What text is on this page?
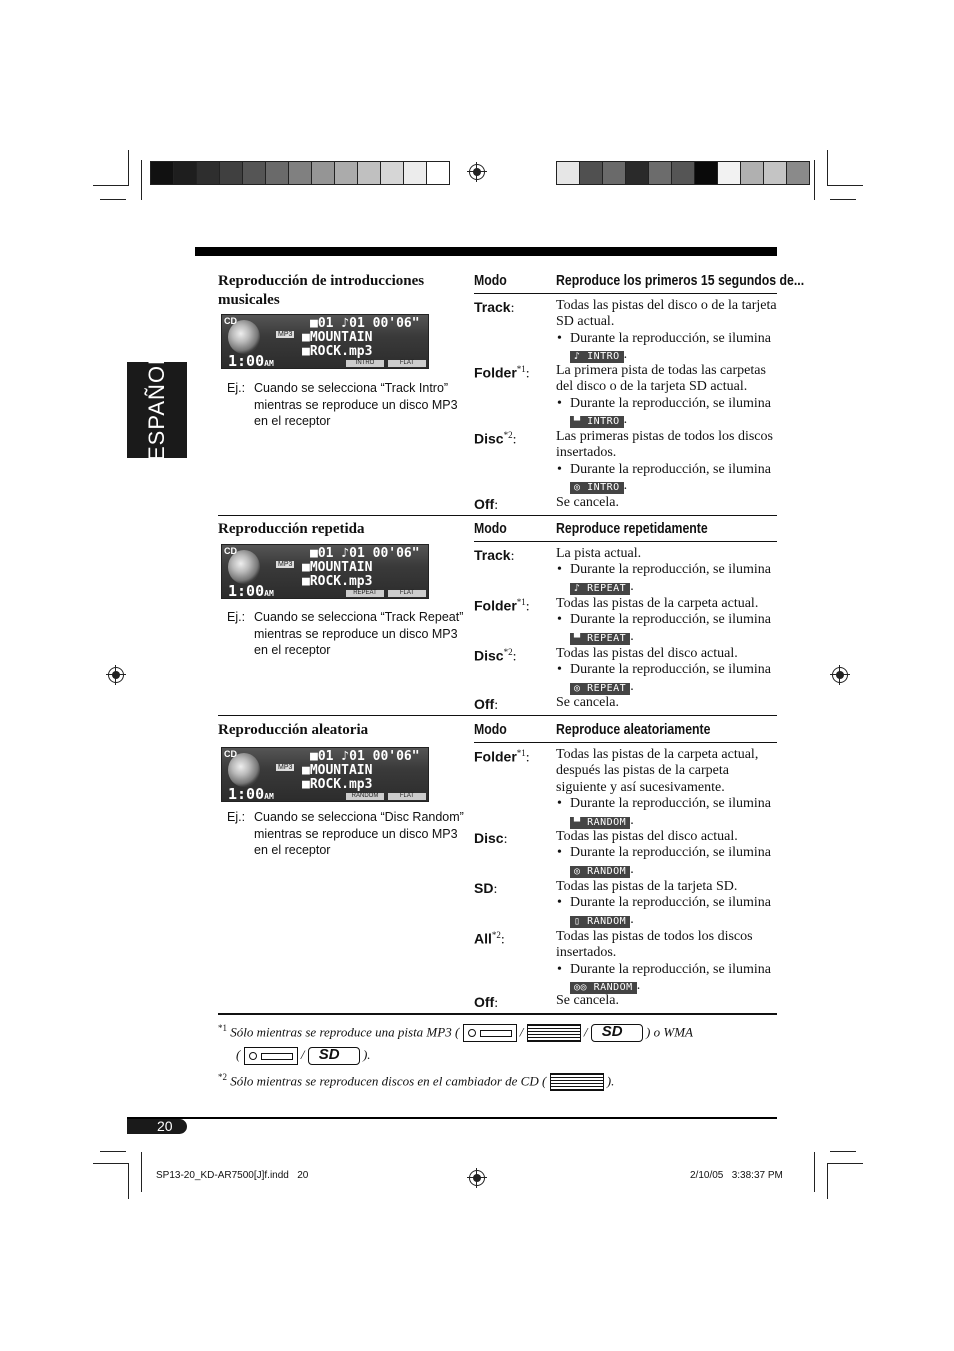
ESPAÑOL
Reproducción de introducciones musicales
Modo	Reproduce los primeros 15 segundos de...
CD
MP3
■01 ♪01 00'06"
■MOUNTAIN
■ROCK.mp3
1:00AM	INTRO	FLAT
Ej.: Cuando se selecciona “Track Intro” mientras se reproduce un disco MP3 en el receptor
Track:	Todas las pistas del disco o de la tarjeta SD actual.
• Durante la reproducción, se ilumina ♪ INTRO .
Folder$^{*1}$: La primera pista de todas las carpetas del disco o de la tarjeta SD actual.
• Durante la reproducción, se ilumina ▀ INTRO .
Disc$^{*2}$:	Las primeras pistas de todos los discos insertados.
• Durante la reproducción, se ilumina ◎ INTRO .
Off:	Se cancela.
Reproducción repetida	Modo	Reproduce repetidamente
CD
MP3
■01 ♪01 00'06"
■MOUNTAIN
■ROCK.mp3
1:00AM	REPEAT	FLAT
Ej.: Cuando se selecciona “Track Repeat” mientras se reproduce un disco MP3 en el receptor
Track:	La pista actual.
• Durante la reproducción, se ilumina ♪ REPEAT .
Folder$^{*1}$: Todas las pistas de la carpeta actual.
• Durante la reproducción, se ilumina ▀ REPEAT .
Disc$^{*2}$:	Todas las pistas del disco actual.
• Durante la reproducción, se ilumina ◎ REPEAT .
Off:	Se cancela.
Reproducción aleatoria	Modo	Reproduce aleatoriamente
CD
MP3
■01 ♪01 00'06"
■MOUNTAIN
■ROCK.mp3
1:00AM	RANDOM	FLAT
Ej.: Cuando se selecciona “Disc Random” mientras se reproduce un disco MP3 en el receptor
Folder$^{*1}$: Todas las pistas de la carpeta actual, después las pistas de la carpeta siguiente y así sucesivamente.
• Durante la reproducción, se ilumina ▀ RANDOM .
Disc:	Todas las pistas del disco actual.
• Durante la reproducción, se ilumina ◎ RANDOM .
SD:	Todas las pistas de la tarjeta SD.
• Durante la reproducción, se ilumina ▯ RANDOM .
All$^{*2}$:	Todas las pistas de todos los discos insertados.
• Durante la reproducción, se ilumina ◎◎ RANDOM .
Off:	Se cancela.
$^{*1}$ Sólo mientras se reproduce una pista MP3 (	/	/ SD ) o WMA
(	/ SD ).
$^{*2}$ Sólo mientras se reproducen discos en el cambiador de CD (	).
20
SP13-20_KD-AR7500[J]f.indd   20	2/10/05   3:38:37 PM
